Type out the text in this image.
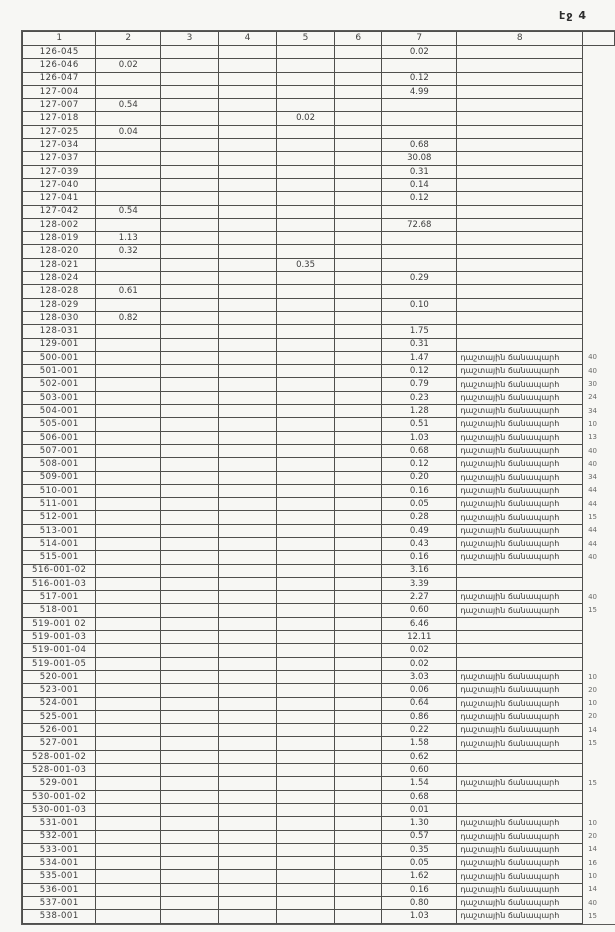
էջ 4
1	2	3	4	5	6	7	8	
126-045						0.02		
126-046	0.02							
126-047						0.12		
127-004						4.99		
127-007	0.54							
127-018				0.02				
127-025	0.04							
127-034						0.68		
127-037						30.08		
127-039						0.31		
127-040						0.14		
127-041						0.12		
127-042	0.54							
128-002						72.68		
128-019	1.13							
128-020	0.32							
128-021				0.35				
128-024						0.29		
128-028	0.61							
128-029						0.10		
128-030	0.82							
128-031						1.75		
129-001						0.31		
500-001						1.47	դաշտային ճանապարհ	40
501-001						0.12	դաշտային ճանապարհ	40
502-001						0.79	դաշտային ճանապարհ	30
503-001						0.23	դաշտային ճանապարհ	24
504-001						1.28	դաշտային ճանապարհ	34
505-001						0.51	դաշտային ճանապարհ	10
506-001						1.03	դաշտային ճանապարհ	13
507-001						0.68	դաշտային ճանապարհ	40
508-001						0.12	դաշտային ճանապարհ	40
509-001						0.20	դաշտային ճանապարհ	34
510-001						0.16	դաշտային ճանապարհ	44
511-001						0.05	դաշտային ճանապարհ	44
512-001						0.28	դաշտային ճանապարհ	15
513-001						0.49	դաշտային ճանապարհ	44
514-001						0.43	դաշտային ճանապարհ	44
515-001						0.16	դաշտային ճանապարհ	40
516-001-02						3.16		
516-001-03						3.39		
517-001						2.27	դաշտային ճանապարհ	40
518-001						0.60	դաշտային ճանապարհ	15
519-001 02						6.46		
519-001-03						12.11		
519-001-04						0.02		
519-001-05						0.02		
520-001						3.03	դաշտային ճանապարհ	10
523-001						0.06	դաշտային ճանապարհ	20
524-001						0.64	դաշտային ճանապարհ	10
525-001						0.86	դաշտային ճանապարհ	20
526-001						0.22	դաշտային ճանապարհ	14
527-001						1.58	դաշտային ճանապարհ	15
528-001-02						0.62		
528-001-03						0.60		
529-001						1.54	դաշտային ճանապարհ	15
530-001-02						0.68		
530-001-03						0.01		
531-001						1.30	դաշտային ճանապարհ	10
532-001						0.57	դաշտային ճանապարհ	20
533-001						0.35	դաշտային ճանապարհ	14
534-001						0.05	դաշտային ճանապարհ	16
535-001						1.62	դաշտային ճանապարհ	10
536-001						0.16	դաշտային ճանապարհ	14
537-001						0.80	դաշտային ճանապարհ	40
538-001						1.03	դաշտային ճանապարհ	15
